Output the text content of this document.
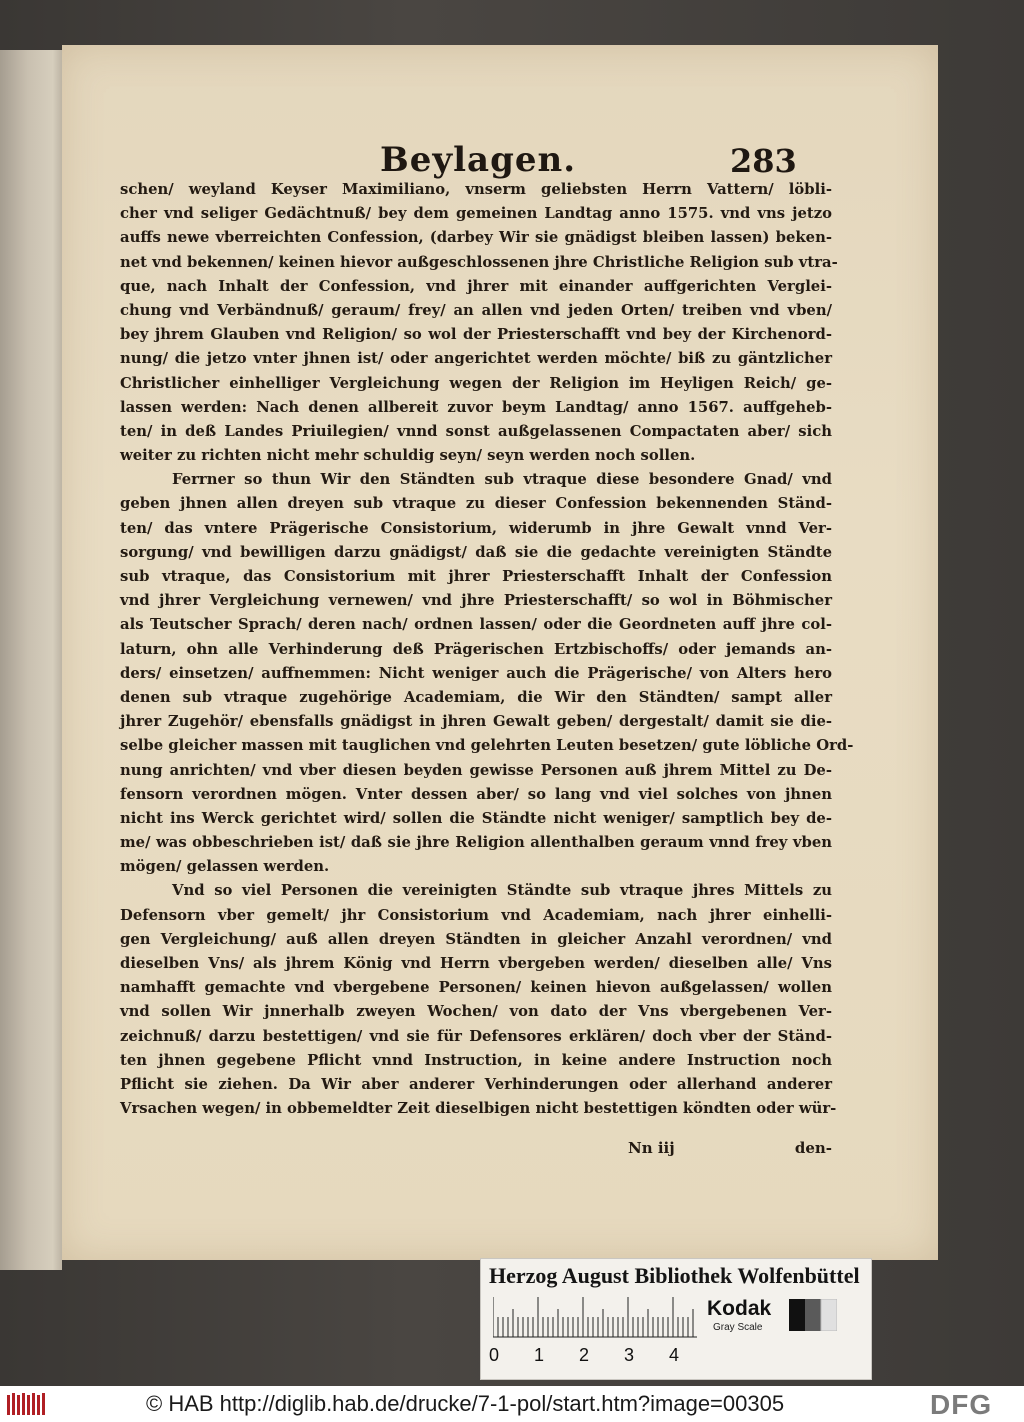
Beylagen.	283
schen/ weyland Keyser Maximiliano, vnserm geliebsten Herrn Vattern/ löbli-
cher vnd seliger Gedächtnuß/ bey dem gemeinen Landtag anno 1575. vnd vns jetzo
auffs newe vberreichten Confession, (darbey Wir sie gnädigst bleiben lassen) beken-
net vnd bekennen/ keinen hievor außgeschlossenen jhre Christliche Religion sub vtra-
que, nach Inhalt der Confession, vnd jhrer mit einander auffgerichten Verglei-
chung vnd Verbändnuß/ geraum/ frey/ an allen vnd jeden Orten/ treiben vnd vben/
bey jhrem Glauben vnd Religion/ so wol der Priesterschafft vnd bey der Kirchenord-
nung/ die jetzo vnter jhnen ist/ oder angerichtet werden möchte/ biß zu gäntzlicher
Christlicher einhelliger Vergleichung wegen der Religion im Heyligen Reich/ ge-
lassen werden: Nach denen allbereit zuvor beym Landtag/ anno 1567. auffgeheb-
ten/ in deß Landes Priuilegien/ vnnd sonst außgelassenen Compactaten aber/ sich
weiter zu richten nicht mehr schuldig seyn/ seyn werden noch sollen.
Ferrner so thun Wir den Ständten sub vtraque diese besondere Gnad/ vnd
geben jhnen allen dreyen sub vtraque zu dieser Confession bekennenden Ständ-
ten/ das vntere Prägerische Consistorium, widerumb in jhre Gewalt vnnd Ver-
sorgung/ vnd bewilligen darzu gnädigst/ daß sie die gedachte vereinigten Ständte
sub vtraque, das Consistorium mit jhrer Priesterschafft Inhalt der Confession
vnd jhrer Vergleichung vernewen/ vnd jhre Priesterschafft/ so wol in Böhmischer
als Teutscher Sprach/ deren nach/ ordnen lassen/ oder die Geordneten auff jhre col-
laturn, ohn alle Verhinderung deß Prägerischen Ertzbischoffs/ oder jemands an-
ders/ einsetzen/ auffnemmen: Nicht weniger auch die Prägerische/ von Alters hero
denen sub vtraque zugehörige Academiam, die Wir den Ständten/ sampt aller
jhrer Zugehör/ ebensfalls gnädigst in jhren Gewalt geben/ dergestalt/ damit sie die-
selbe gleicher massen mit tauglichen vnd gelehrten Leuten besetzen/ gute löbliche Ord-
nung anrichten/ vnd vber diesen beyden gewisse Personen auß jhrem Mittel zu De-
fensorn verordnen mögen. Vnter dessen aber/ so lang vnd viel solches von jhnen
nicht ins Werck gerichtet wird/ sollen die Ständte nicht weniger/ samptlich bey de-
me/ was obbeschrieben ist/ daß sie jhre Religion allenthalben geraum vnnd frey vben
mögen/ gelassen werden.
Vnd so viel Personen die vereinigten Ständte sub vtraque jhres Mittels zu
Defensorn vber gemelt/ jhr Consistorium vnd Academiam, nach jhrer einhelli-
gen Vergleichung/ auß allen dreyen Ständten in gleicher Anzahl verordnen/ vnd
dieselben Vns/ als jhrem König vnd Herrn vbergeben werden/ dieselben alle/ Vns
namhafft gemachte vnd vbergebene Personen/ keinen hievon außgelassen/ wollen
vnd sollen Wir jnnerhalb zweyen Wochen/ von dato der Vns vbergebenen Ver-
zeichnuß/ darzu bestettigen/ vnd sie für Defensores erklären/ doch vber der Ständ-
ten jhnen gegebene Pflicht vnnd Instruction, in keine andere Instruction noch
Pflicht sie ziehen. Da Wir aber anderer Verhinderungen oder allerhand anderer
Vrsachen wegen/ in obbemeldter Zeit dieselbigen nicht bestettigen köndten oder wür-
Nn iij	den-
Herzog August Bibliothek Wolfenbüttel
0 1 2 3 4
Kodak
Gray Scale
© HAB http://diglib.hab.de/drucke/7-1-pol/start.htm?image=00305	DFG
